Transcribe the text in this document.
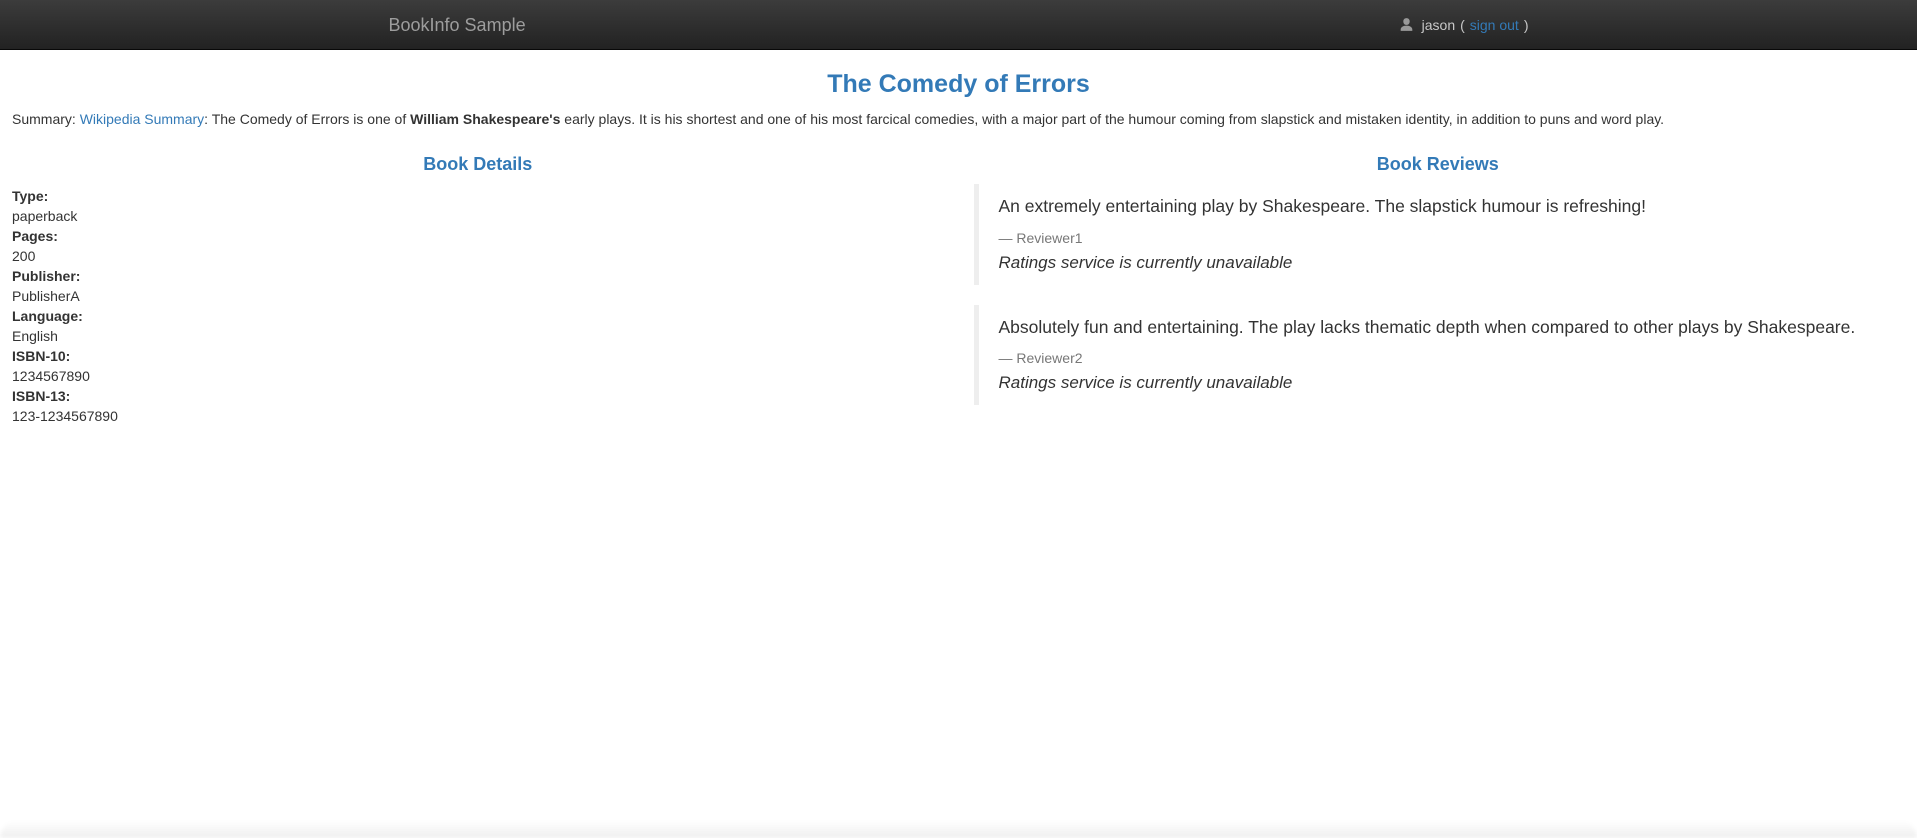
BookInfo Sample	jason ( sign out )
The Comedy of Errors

Summary: Wikipedia Summary: The Comedy of Errors is one of William Shakespeare's early plays. It is his shortest and one of his most farcical comedies, with a major part of the humour coming from slapstick and mistaken identity, in addition to puns and word play.

Book Details
Type:
paperback
Pages:
200
Publisher:
PublisherA
Language:
English
ISBN-10:
1234567890
ISBN-13:
123-1234567890
Book Reviews

An extremely entertaining play by Shakespeare. The slapstick humour is refreshing!

— Reviewer1
Ratings service is currently unavailable

Absolutely fun and entertaining. The play lacks thematic depth when compared to other plays by Shakespeare.

— Reviewer2
Ratings service is currently unavailable
